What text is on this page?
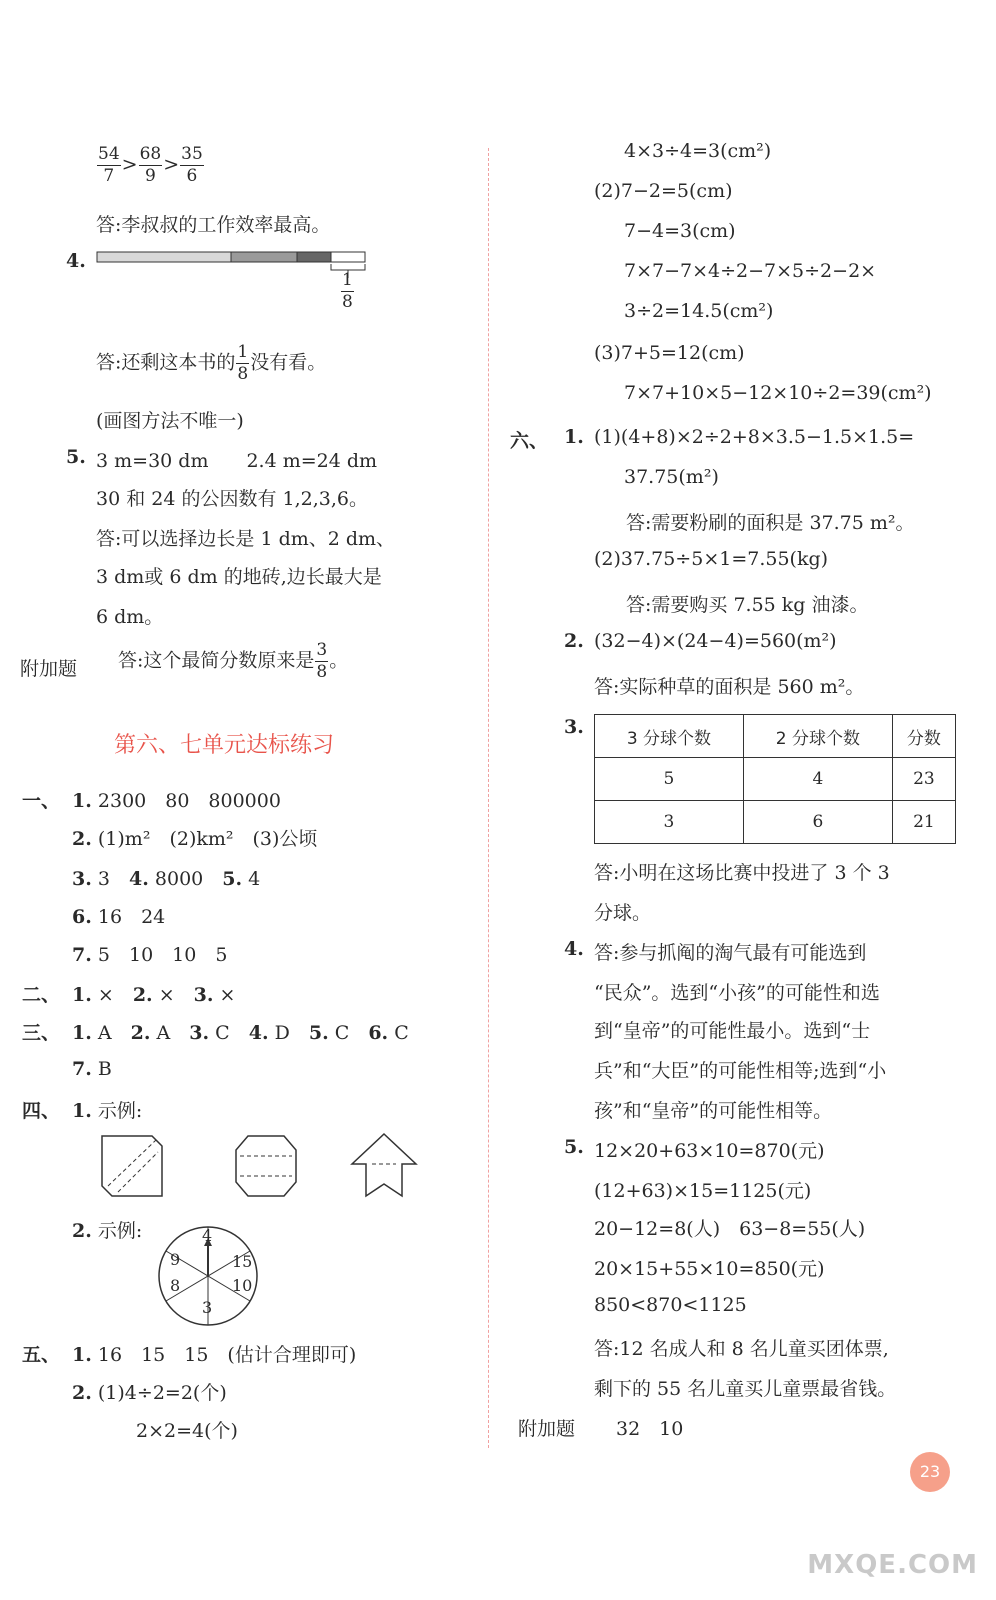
$\frac{54}{7} > \frac{68}{9} > \frac{35}{6}$
答:李叔叔的工作效率最高。
4.
$\frac{1}{8}$
答:还剩这本书的 $\frac{1}{8}$ 没有看。
(画图方法不唯一)
5. 3 m=30 dm　　2.4 m=24 dm
30 和 24 的公因数有 1,2,3,6。
答:可以选择边长是 1 dm、2 dm、
3 dm或 6 dm 的地砖,边长最大是
6 dm。
附加题 答:这个最简分数原来是 $\frac{3}{8}$ 。
第六、七单元达标练习
一、 1. 2300　80　800000
2. (1)m²　(2)km²　(3)公顷
3. 3　 4. 8000　 5. 4
6. 16　24
7. 5　10　10　5
二、 1. ×　 2. ×　 3. ×
三、 1. A　 2. A　 3. C　 4. D　 5. C　 6. C
7. B
四、 1. 示例:
2. 示例:	4
15
10
3
8
9
五、 1. 16　15　15　(估计合理即可)
2. (1)4÷2=2(个)
2×2=4(个)
4×3÷4=3(cm²)
(2)7−2=5(cm)
7−4=3(cm)
7×7−7×4÷2−7×5÷2−2×
3÷2=14.5(cm²)
(3)7+5=12(cm)
7×7+10×5−12×10÷2=39(cm²)
六、 1. (1)(4+8)×2÷2+8×3.5−1.5×1.5=
37.75(m²)
答:需要粉刷的面积是 37.75 m²。
(2)37.75÷5×1=7.55(kg)
答:需要购买 7.55 kg 油漆。
2. (32−4)×(24−4)=560(m²)
答:实际种草的面积是 560 m²。
3.
3 分球个数	2 分球个数	分数
5	4	23
3	6	21
答:小明在这场比赛中投进了 3 个 3
分球。
4. 答:参与抓阄的淘气最有可能选到
“民众”。选到“小孩”的可能性和选
到“皇帝”的可能性最小。选到“士
兵”和“大臣”的可能性相等;选到“小
孩”和“皇帝”的可能性相等。
5. 12×20+63×10=870(元)
(12+63)×15=1125(元)
20−12=8(人)　63−8=55(人)
20×15+55×10=850(元)
850<870<1125
答:12 名成人和 8 名儿童买团体票,
剩下的 55 名儿童买儿童票最省钱。
附加题 32　10
23
MXQE.COM
